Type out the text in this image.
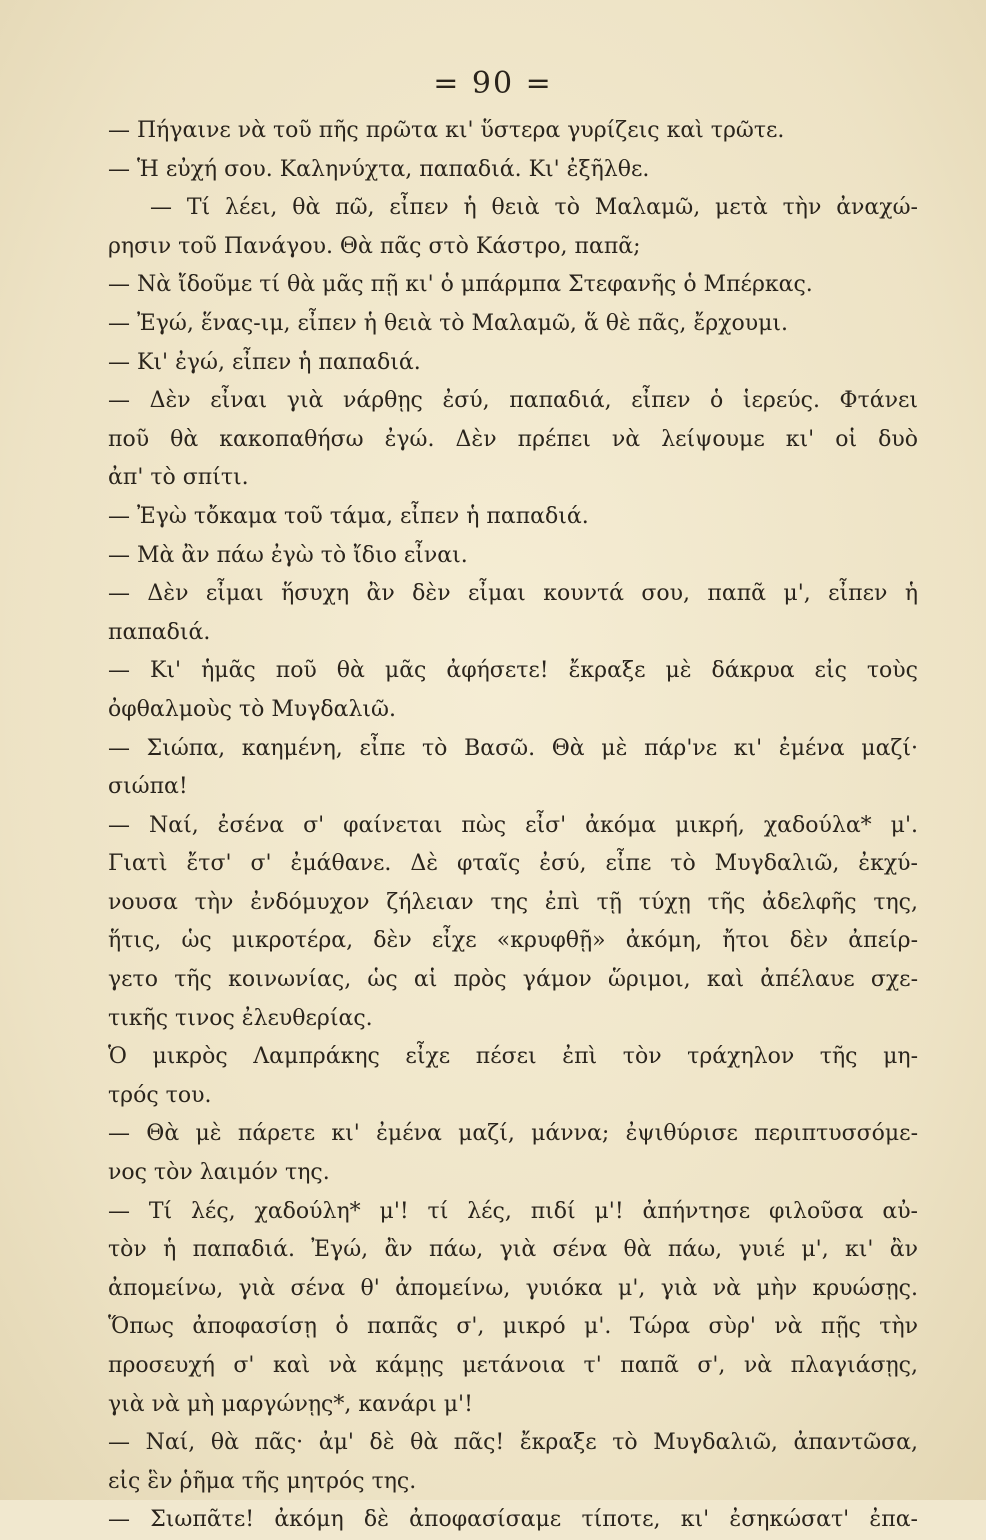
= 90 =
— Πήγαινε νὰ τοῦ πῆς πρῶτα κι' ὕστερα γυρίζεις καὶ τρῶτε.
— Ἡ εὐχή σου. Καληνύχτα, παπαδιά. Κι' ἐξῆλθε.
— Τί λέει, θὰ πῶ, εἶπεν ἡ θειὰ τὸ Μαλαμῶ, μετὰ τὴν ἀναχώ-
ρησιν τοῦ Πανάγου. Θὰ πᾶς στὸ Κάστρο, παπᾶ;
— Νὰ ἴδοῦμε τί θὰ μᾶς πῇ κι' ὁ μπάρμπα Στεφανῆς ὁ Μπέρκας.
— Ἐγώ, ἕνας-ιμ, εἶπεν ἡ θειὰ τὸ Μαλαμῶ, ἅ θὲ πᾶς, ἔρχουμι.
— Κι' ἐγώ, εἶπεν ἡ παπαδιά.
— Δὲν εἶναι γιὰ νάρθῃς ἐσύ, παπαδιά, εἶπεν ὁ ἱερεύς. Φτάνει
ποῦ θὰ κακοπαθήσω ἐγώ. Δὲν πρέπει νὰ λείψουμε κι' οἱ δυὸ
ἀπ' τὸ σπίτι.
— Ἐγὼ τὄκαμα τοῦ τάμα, εἶπεν ἡ παπαδιά.
— Μὰ ἂν πάω ἐγὼ τὸ ἴδιο εἶναι.
— Δὲν εἶμαι ἥσυχη ἂν δὲν εἶμαι κουντά σου, παπᾶ μ', εἶπεν ἡ
παπαδιά.
— Κι' ἡμᾶς ποῦ θὰ μᾶς ἀφήσετε! ἔκραξε μὲ δάκρυα εἰς τοὺς
ὀφθαλμοὺς τὸ Μυγδαλιῶ.
— Σιώπα, καημένη, εἶπε τὸ Βασῶ. Θὰ μὲ πάρ'νε κι' ἐμένα μαζί·
σιώπα!
— Ναί, ἐσένα σ' φαίνεται πὼς εἶσ' ἀκόμα μικρή, χαδούλα* μ'.
Γιατὶ ἔτσ' σ' ἐμάθανε. Δὲ φταῖς ἐσύ, εἶπε τὸ Μυγδαλιῶ, ἐκχύ-
νουσα τὴν ἐνδόμυχον ζήλειαν της ἐπὶ τῇ τύχῃ τῆς ἀδελφῆς της,
ἥτις, ὡς μικροτέρα, δὲν εἶχε «κρυφθῇ» ἀκόμη, ἤτοι δὲν ἀπείρ-
γετο τῆς κοινωνίας, ὡς αἱ πρὸς γάμον ὥριμοι, καὶ ἀπέλαυε σχε-
τικῆς τινος ἐλευθερίας.
Ὁ μικρὸς Λαμπράκης εἶχε πέσει ἐπὶ τὸν τράχηλον τῆς μη-
τρός του.
— Θὰ μὲ πάρετε κι' ἐμένα μαζί, μάννα; ἐψιθύρισε περιπτυσσόμε-
νος τὸν λαιμόν της.
— Τί λές, χαδούλη* μ'! τί λές, πιδί μ'! ἀπήντησε φιλοῦσα αὐ-
τὸν ἡ παπαδιά. Ἐγώ, ἂν πάω, γιὰ σένα θὰ πάω, γυιέ μ', κι' ἂν
ἀπομείνω, γιὰ σένα θ' ἀπομείνω, γυιόκα μ', γιὰ νὰ μὴν κρυώσῃς.
Ὅπως ἀποφασίσῃ ὁ παπᾶς σ', μικρό μ'. Τώρα σὺρ' νὰ πῇς τὴν
προσευχή σ' καὶ νὰ κάμῃς μετάνοια τ' παπᾶ σ', νὰ πλαγιάσῃς,
γιὰ νὰ μὴ μαργώνῃς*, κανάρι μ'!
— Ναί, θὰ πᾶς· ἀμ' δὲ θὰ πᾶς! ἔκραξε τὸ Μυγδαλιῶ, ἀπαντῶσα,
εἰς ἓν ῥῆμα τῆς μητρός της.
— Σιωπᾶτε! ἀκόμη δὲ ἀποφασίσαμε τίποτε, κι' ἐσηκώσατ' ἐπα-
